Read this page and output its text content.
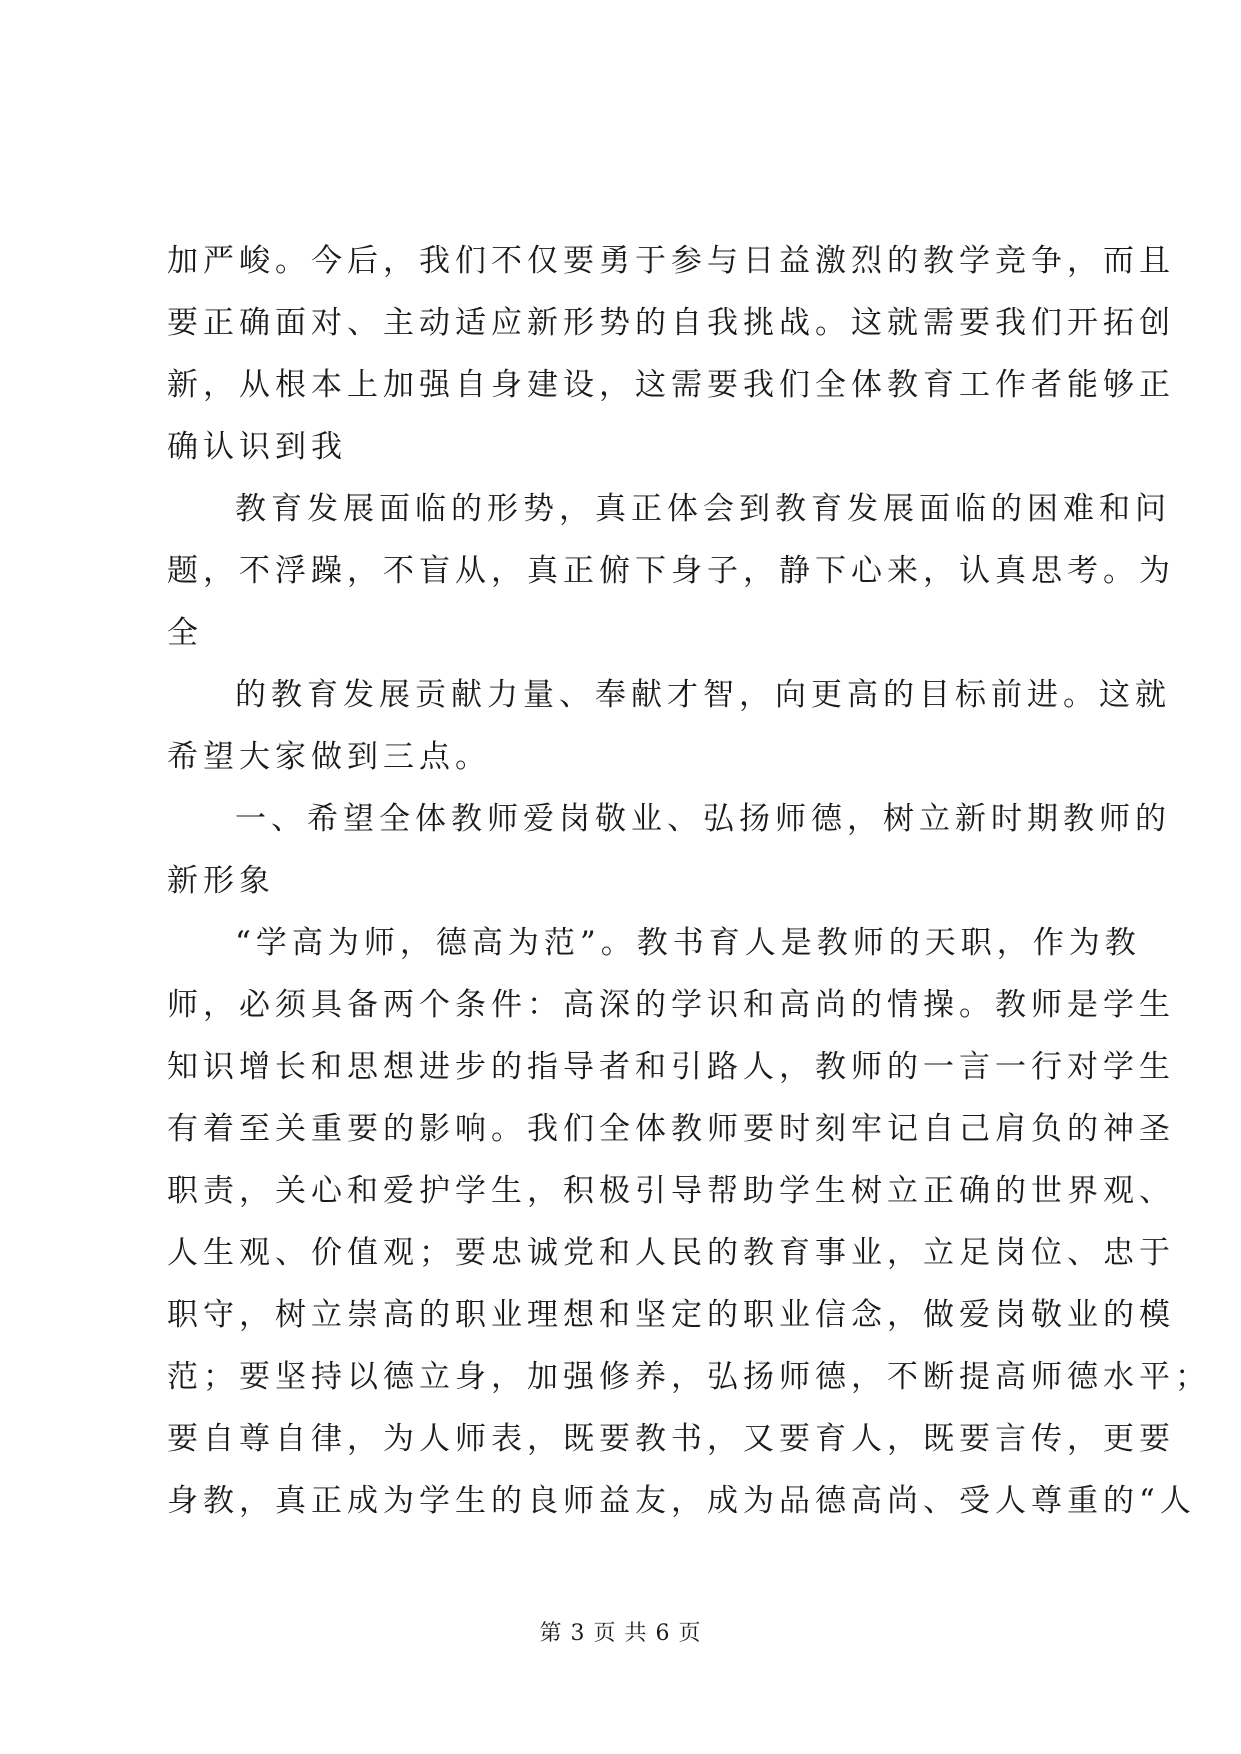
加严峻。今后，我们不仅要勇于参与日益激烈的教学竞争，而且
要正确面对、主动适应新形势的自我挑战。这就需要我们开拓创
新，从根本上加强自身建设，这需要我们全体教育工作者能够正
确认识到我
教育发展面临的形势，真正体会到教育发展面临的困难和问
题，不浮躁，不盲从，真正俯下身子，静下心来，认真思考。为
全
的教育发展贡献力量、奉献才智，向更高的目标前进。这就
希望大家做到三点。
一、希望全体教师爱岗敬业、弘扬师德，树立新时期教师的
新形象
“学高为师，德高为范”。教书育人是教师的天职，作为教
师，必须具备两个条件：高深的学识和高尚的情操。教师是学生
知识增长和思想进步的指导者和引路人，教师的一言一行对学生
有着至关重要的影响。我们全体教师要时刻牢记自己肩负的神圣
职责，关心和爱护学生，积极引导帮助学生树立正确的世界观、
人生观、价值观；要忠诚党和人民的教育事业，立足岗位、忠于
职守，树立崇高的职业理想和坚定的职业信念，做爱岗敬业的模
范；要坚持以德立身，加强修养，弘扬师德，不断提高师德水平；
要自尊自律，为人师表，既要教书，又要育人，既要言传，更要
身教，真正成为学生的良师益友，成为品德高尚、受人尊重的“人
第 3 页 共 6 页
